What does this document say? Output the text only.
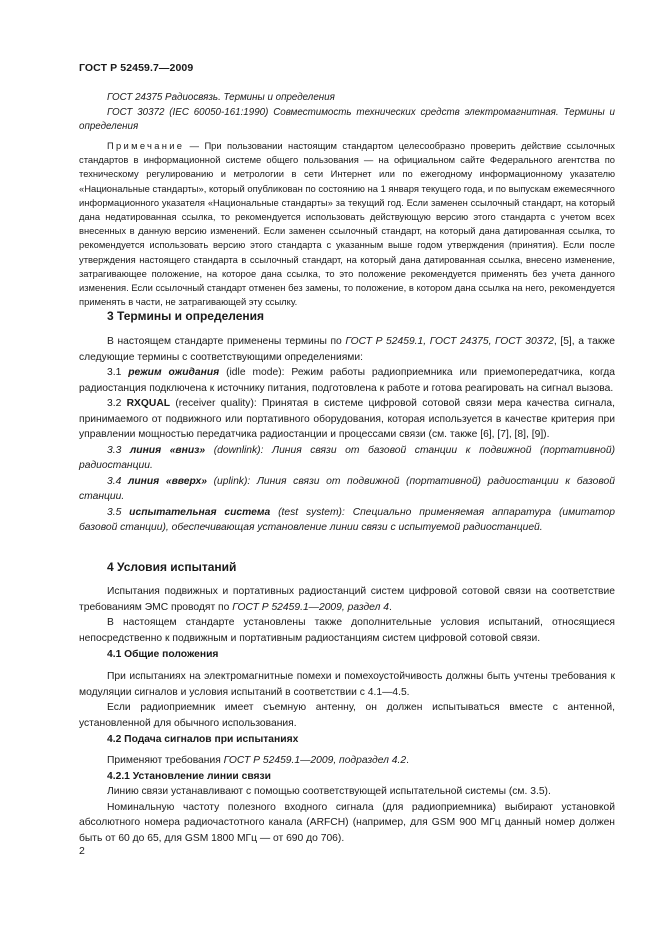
ГОСТ Р 52459.7—2009

ГОСТ 24375 Радиосвязь. Термины и определения

ГОСТ 30372 (IEC 60050-161:1990) Совместимость технических средств электромагнитная. Термины и определения

Примечание — При пользовании настоящим стандартом целесообразно проверить действие ссылочных стандартов в информационной системе общего пользования — на официальном сайте Федерального агентства по техническому регулированию и метрологии в сети Интернет или по ежегодному информационному указателю «Национальные стандарты», который опубликован по состоянию на 1 января текущего года, и по выпускам ежемесячного информационного указателя «Национальные стандарты» за текущий год. Если заменен ссылочный стандарт, на который дана недатированная ссылка, то рекомендуется использовать действующую версию этого стандарта с учетом всех внесенных в данную версию изменений. Если заменен ссылочный стандарт, на который дана датированная ссылка, то рекомендуется использовать версию этого стандарта с указанным выше годом утверждения (принятия). Если после утверждения настоящего стандарта в ссылочный стандарт, на который дана датированная ссылка, внесено изменение, затрагивающее положение, на которое дана ссылка, то это положение рекомендуется применять без учета данного изменения. Если ссылочный стандарт отменен без замены, то положение, в котором дана ссылка на него, рекомендуется применять в части, не затрагивающей эту ссылку.

3 Термины и определения

В настоящем стандарте применены термины по ГОСТ Р 52459.1, ГОСТ 24375, ГОСТ 30372, [5], а также следующие термины с соответствующими определениями:

3.1 режим ожидания (idle mode): Режим работы радиоприемника или приемопередатчика, когда радиостанция подключена к источнику питания, подготовлена к работе и готова реагировать на сигнал вызова.

3.2 RXQUAL (receiver quality): Принятая в системе цифровой сотовой связи мера качества сигнала, принимаемого от подвижного или портативного оборудования, которая используется в качестве критерия при управлении мощностью передатчика радиостанции и процессами связи (см. также [6], [7], [8], [9]).

3.3 линия «вниз» (downlink): Линия связи от базовой станции к подвижной (портативной) радиостанции.

3.4 линия «вверх» (uplink): Линия связи от подвижной (портативной) радиостанции к базовой станции.

3.5 испытательная система (test system): Специально применяемая аппаратура (имитатор базовой станции), обеспечивающая установление линии связи с испытуемой радиостанцией.

4 Условия испытаний

Испытания подвижных и портативных радиостанций систем цифровой сотовой связи на соответствие требованиям ЭМС проводят по ГОСТ Р 52459.1—2009, раздел 4.

В настоящем стандарте установлены также дополнительные условия испытаний, относящиеся непосредственно к подвижным и портативным радиостанциям систем цифровой сотовой связи.

4.1 Общие положения

При испытаниях на электромагнитные помехи и помехоустойчивость должны быть учтены требования к модуляции сигналов и условия испытаний в соответствии с 4.1—4.5.

Если радиоприемник имеет съемную антенну, он должен испытываться вместе с антенной, установленной для обычного использования.

4.2 Подача сигналов при испытаниях

Применяют требования ГОСТ Р 52459.1—2009, подраздел 4.2.

4.2.1 Установление линии связи

Линию связи устанавливают с помощью соответствующей испытательной системы (см. 3.5).

Номинальную частоту полезного входного сигнала (для радиоприемника) выбирают установкой абсолютного номера радиочастотного канала (ARFCH) (например, для GSM 900 МГц данный номер должен быть от 60 до 65, для GSM 1800 МГц — от 690 до 706).

2
